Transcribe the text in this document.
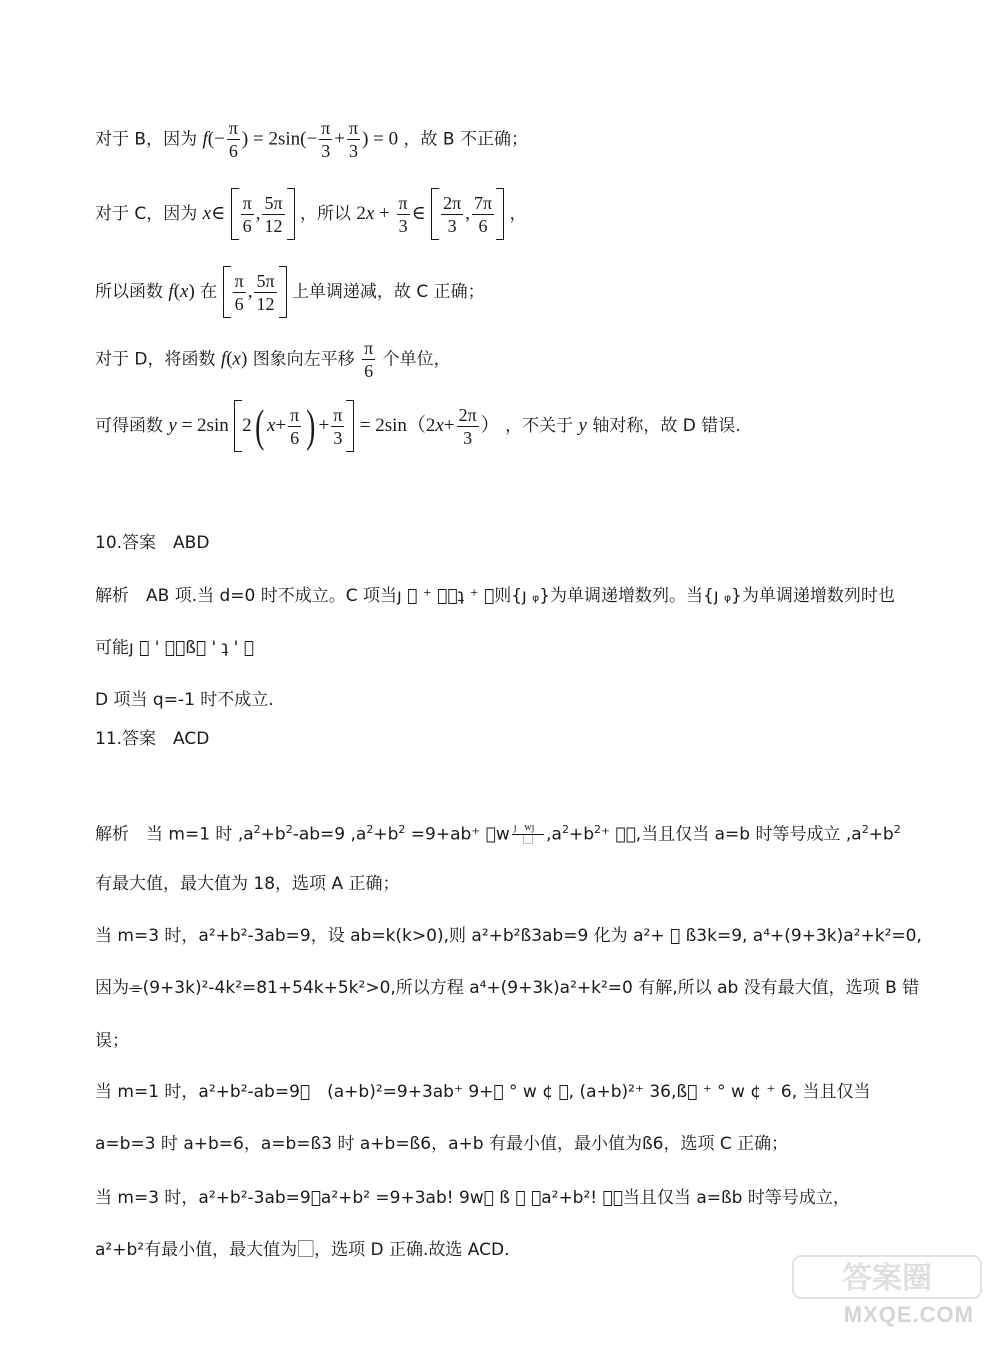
对于 B，因为 $f(- \frac{\pi}{6}$ ) = $2\sin(- \frac{\pi}{3} + \frac{\pi}{3}$ ) = 0 ，故 B 不正确；
对于 C，因为 x∈ $\frac{\pi}{6}$ , $\frac{5\pi}{12}$ ，所以 $2x + \frac{\pi}{3}$ ∈ $\frac{2\pi}{3}$ , $\frac{7\pi}{6}$ ，
所以函数 f(x) 在 $\frac{\pi}{6}$ , $\frac{5\pi}{12}$ 上单调递减，故 C 正确；
对于 D，将函数 f(x) 图象向左平移 $\frac{\pi}{6}$ 个单位，
可得函数 y = 2sin 2( $x+ \frac{\pi}{6}$ ) + $\frac{\pi}{3} = 2\sin(2x+ \frac{2\pi}{3}$ ） ，不关于 y 轴对称，故 D 错误.
10.答案　ABD
解析　AB 项.当 d=0 时不成立。C 项当ȷ ⃞ ⁺ ⃞，ʇ ⁺ ⃞则{ȷ ᵩ}为单调递增数列。当{ȷ ᵩ}为单调递增数列时也
可能ȷ ⃞ ' ⃞，ß⃞ ' ʇ ' ⃞
D 项当 q=-1 时不成立.
11.答案　ACD
解析　当 m=1 时 $,a^2+b^2-ab=9$ $,a^2+b^2 =9+ab^+$ ⃞w $\frac{ȷ⃞wȷ⃞}{⃞} ,a^2+b^2^+$ ⃞⃞,当且仅当 a=b 时等号成立 $,a^2+b^2$
有最大值，最大值为 18，选项 A 正确；
当 m=3 时，a²+b²-3ab=9，设 ab=k(k>0),则 a²+b²ß3ab=9 化为 a²+ ⃞ ß3k=9, a⁴+(9+3k)a²+k²=0,
因为⌯(9+3k)²-4k²=81+54k+5k²>0,所以方程 a⁴+(9+3k)a²+k²=0 有解,所以 ab 没有最大值，选项 B 错
误；
当 m=1 时，a²+b²-ab=9，　(a+b)²=9+3ab⁺ 9+⃞ ° w ¢ ⃞, (a+b)²⁺ 36,ß⃞ ⁺ ° w ¢ ⁺ 6, 当且仅当
a=b=3 时 a+b=6，a=b=ß3 时 a+b=ß6，a+b 有最小值，最小值为ß6，选项 C 正确；
当 m=3 时，a²+b²-3ab=9，a²+b² =9+3ab! 9w⃞ ß ⃞ ，a²+b²! ⃞，当且仅当 a=ßb 时等号成立，
a²+b²有最小值，最大值为⃞，选项 D 正确.故选 ACD.
答案圈
MXQE.COM
